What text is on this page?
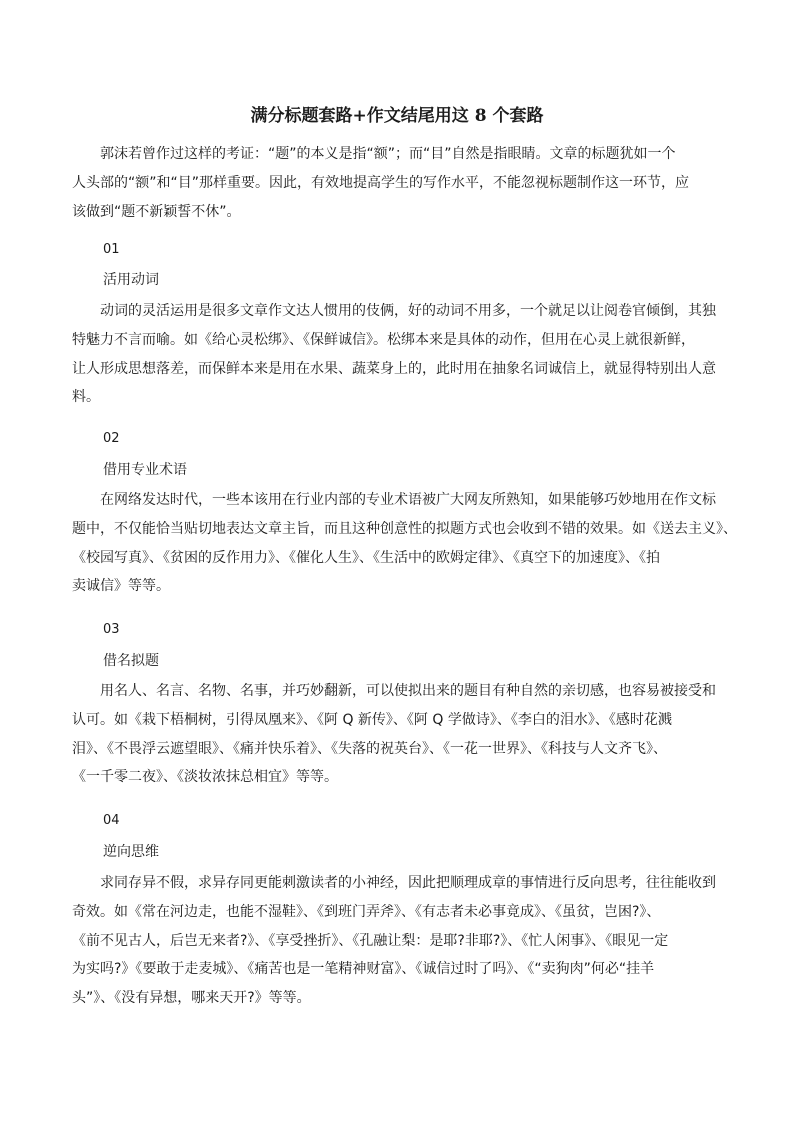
满分标题套路+作文结尾用这 8 个套路

　　郭沫若曾作过这样的考证：“题”的本义是指“额”；而“目”自然是指眼睛。文章的标题犹如一个
人头部的“额”和“目”那样重要。因此，有效地提高学生的写作水平，不能忽视标题制作这一环节，应
该做到“题不新颖誓不休”。

01
活用动词

　　动词的灵活运用是很多文章作文达人惯用的伎俩，好的动词不用多，一个就足以让阅卷官倾倒，其独
特魅力不言而喻。如《给心灵松绑》、《保鲜诚信》。松绑本来是具体的动作，但用在心灵上就很新鲜，
让人形成思想落差，而保鲜本来是用在水果、蔬菜身上的，此时用在抽象名词诚信上，就显得特别出人意
料。

02
借用专业术语

　　在网络发达时代，一些本该用在行业内部的专业术语被广大网友所熟知，如果能够巧妙地用在作文标
题中，不仅能恰当贴切地表达文章主旨，而且这种创意性的拟题方式也会收到不错的效果。如《送去主义》、
《校园写真》、《贫困的反作用力》、《催化人生》、《生活中的欧姆定律》、《真空下的加速度》、《拍
卖诚信》等等。

03
借名拟题

　　用名人、名言、名物、名事，并巧妙翻新，可以使拟出来的题目有种自然的亲切感，也容易被接受和
认可。如《栽下梧桐树，引得凤凰来》、《阿 Q 新传》、《阿 Q 学做诗》、《李白的泪水》、《感时花溅
泪》、《不畏浮云遮望眼》、《痛并快乐着》、《失落的祝英台》、《一花一世界》、《科技与人文齐飞》、
《一千零二夜》、《淡妆浓抹总相宜》等等。

04
逆向思维

　　求同存异不假，求异存同更能刺激读者的小神经，因此把顺理成章的事情进行反向思考，往往能收到
奇效。如《常在河边走，也能不湿鞋》、《到班门弄斧》、《有志者未必事竟成》、《虽贫，岂困?》、
《前不见古人，后岂无来者?》、《享受挫折》、《孔融让梨：是耶?非耶?》、《忙人闲事》、《眼见一定
为实吗?》《要敢于走麦城》、《痛苦也是一笔精神财富》、《诚信过时了吗》、《“卖狗肉”何必“挂羊
头”》、《没有异想，哪来天开?》等等。
